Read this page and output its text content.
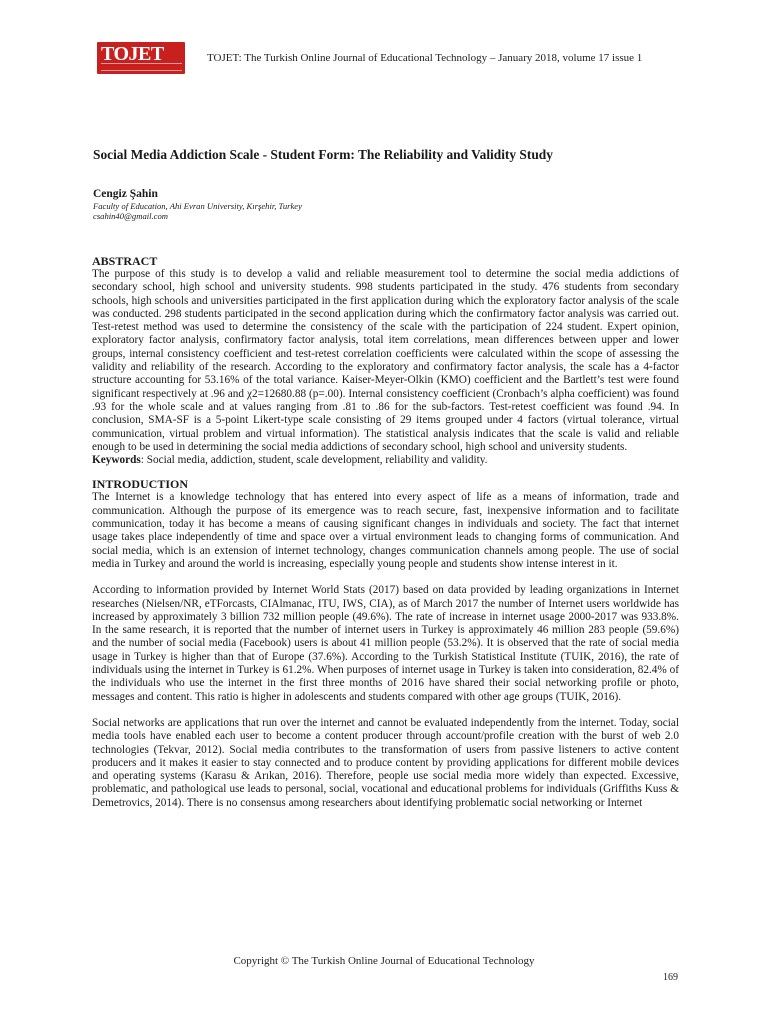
TOJET	TOJET: The Turkish Online Journal of Educational Technology – January 2018, volume 17 issue 1
Social Media Addiction Scale - Student Form: The Reliability and Validity Study
Cengiz Şahin
Faculty of Education, Ahi Evran University, Kırşehir, Turkey
csahin40@gmail.com

ABSTRACT

The purpose of this study is to develop a valid and reliable measurement tool to determine the social media addictions of secondary school, high school and university students. 998 students participated in the study. 476 students from secondary schools, high schools and universities participated in the first application during which the exploratory factor analysis of the scale was conducted. 298 students participated in the second application during which the confirmatory factor analysis was carried out. Test-retest method was used to determine the consistency of the scale with the participation of 224 student. Expert opinion, exploratory factor analysis, confirmatory factor analysis, total item correlations, mean differences between upper and lower groups, internal consistency coefficient and test-retest correlation coefficients were calculated within the scope of assessing the validity and reliability of the research. According to the exploratory and confirmatory factor analysis, the scale has a 4-factor structure accounting for 53.16% of the total variance. Kaiser-Meyer-Olkin (KMO) coefficient and the Bartlett’s test were found significant respectively at .96 and χ2=12680.88 (p=.00). Internal consistency coefficient (Cronbach’s alpha coefficient) was found .93 for the whole scale and at values ranging from .81 to .86 for the sub-factors. Test-retest coefficient was found .94. In conclusion, SMA-SF is a 5-point Likert-type scale consisting of 29 items grouped under 4 factors (virtual tolerance, virtual communication, virtual problem and virtual information). The statistical analysis indicates that the scale is valid and reliable enough to be used in determining the social media addictions of secondary school, high school and university students.

Keywords: Social media, addiction, student, scale development, reliability and validity.

INTRODUCTION

The Internet is a knowledge technology that has entered into every aspect of life as a means of information, trade and communication. Although the purpose of its emergence was to reach secure, fast, inexpensive information and to facilitate communication, today it has become a means of causing significant changes in individuals and society. The fact that internet usage takes place independently of time and space over a virtual environment leads to changing forms of communication. And social media, which is an extension of internet technology, changes communication channels among people. The use of social media in Turkey and around the world is increasing, especially young people and students show intense interest in it.

According to information provided by Internet World Stats (2017) based on data provided by leading organizations in Internet researches (Nielsen/NR, eTForcasts, CIAlmanac, ITU, IWS, CIA), as of March 2017 the number of Internet users worldwide has increased by approximately 3 billion 732 million people (49.6%). The rate of increase in internet usage 2000-2017 was 933.8%. In the same research, it is reported that the number of internet users in Turkey is approximately 46 million 283 people (59.6%) and the number of social media (Facebook) users is about 41 million people (53.2%). It is observed that the rate of social media usage in Turkey is higher than that of Europe (37.6%). According to the Turkish Statistical Institute (TUIK, 2016), the rate of individuals using the internet in Turkey is 61.2%. When purposes of internet usage in Turkey is taken into consideration, 82.4% of the individuals who use the internet in the first three months of 2016 have shared their social networking profile or photo, messages and content. This ratio is higher in adolescents and students compared with other age groups (TUIK, 2016).

Social networks are applications that run over the internet and cannot be evaluated independently from the internet. Today, social media tools have enabled each user to become a content producer through account/profile creation with the burst of web 2.0 technologies (Tekvar, 2012). Social media contributes to the transformation of users from passive listeners to active content producers and it makes it easier to stay connected and to produce content by providing applications for different mobile devices and operating systems (Karasu & Arıkan, 2016). Therefore, people use social media more widely than expected. Excessive, problematic, and pathological use leads to personal, social, vocational and educational problems for individuals (Griffiths Kuss & Demetrovics, 2014). There is no consensus among researchers about identifying problematic social networking or Internet

Copyright © The Turkish Online Journal of Educational Technology
169
